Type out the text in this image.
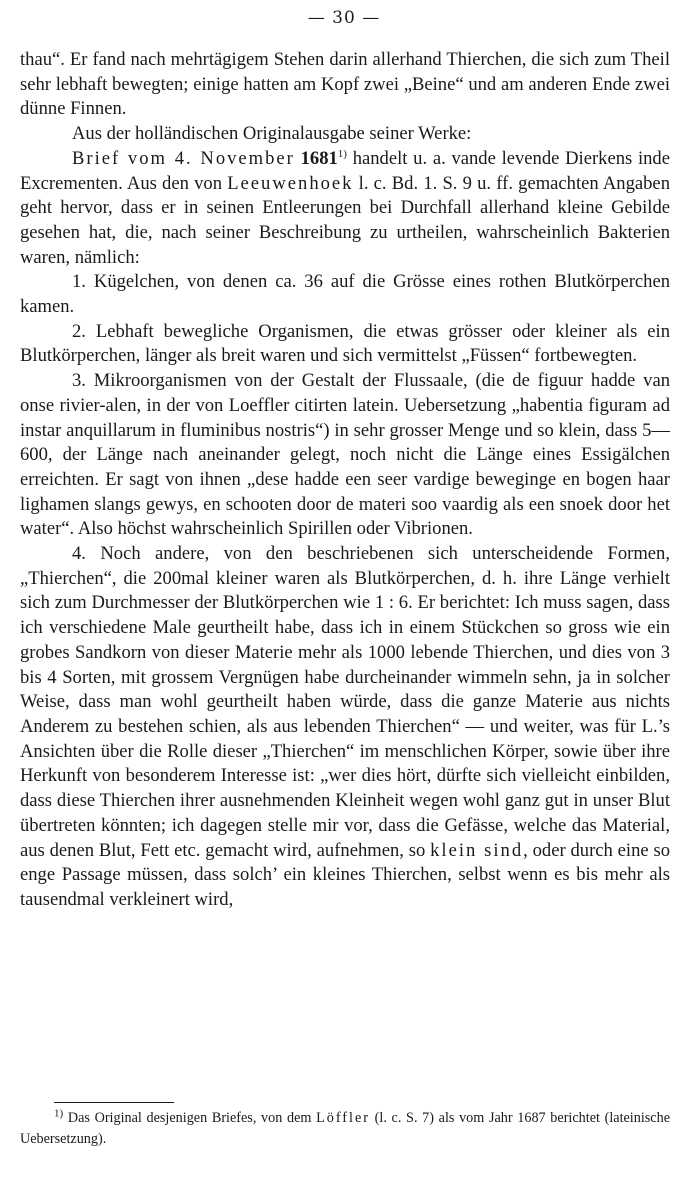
— 30 —

thau“. Er fand nach mehrtägigem Stehen darin allerhand Thierchen, die sich zum Theil sehr lebhaft bewegten; einige hatten am Kopf zwei „Beine“ und am anderen Ende zwei dünne Finnen.

Aus der holländischen Originalausgabe seiner Werke:

Brief vom 4. November 1681$^{1)}$ handelt u. a. vande levende Dierkens inde Excrementen. Aus den von Leeuwenhoek l. c. Bd. 1. S. 9 u. ff. gemachten Angaben geht hervor, dass er in seinen Entleerungen bei Durchfall allerhand kleine Gebilde gesehen hat, die, nach seiner Beschreibung zu urtheilen, wahrscheinlich Bakterien waren, nämlich:

1. Kügelchen, von denen ca. 36 auf die Grösse eines rothen Blutkörperchen kamen.

2. Lebhaft bewegliche Organismen, die etwas grösser oder kleiner als ein Blutkörperchen, länger als breit waren und sich vermittelst „Füssen“ fortbewegten.

3. Mikroorganismen von der Gestalt der Flussaale, (die de figuur hadde van onse rivier-alen, in der von Loeffler citirten latein. Uebersetzung „habentia figuram ad instar anquillarum in fluminibus nostris“) in sehr grosser Menge und so klein, dass 5—600, der Länge nach aneinander gelegt, noch nicht die Länge eines Essigälchen erreichten. Er sagt von ihnen „dese hadde een seer vardige beweginge en bogen haar lighamen slangs gewys, en schooten door de materi soo vaardig als een snoek door het water“. Also höchst wahrscheinlich Spirillen oder Vibrionen.

4. Noch andere, von den beschriebenen sich unterscheidende Formen, „Thierchen“, die 200mal kleiner waren als Blutkörperchen, d. h. ihre Länge verhielt sich zum Durchmesser der Blutkörperchen wie 1 : 6. Er berichtet: Ich muss sagen, dass ich verschiedene Male geurtheilt habe, dass ich in einem Stückchen so gross wie ein grobes Sandkorn von dieser Materie mehr als 1000 lebende Thierchen, und dies von 3 bis 4 Sorten, mit grossem Vergnügen habe durcheinander wimmeln sehn, ja in solcher Weise, dass man wohl geurtheilt haben würde, dass die ganze Materie aus nichts Anderem zu bestehen schien, als aus lebenden Thierchen“ — und weiter, was für L.’s Ansichten über die Rolle dieser „Thierchen“ im menschlichen Körper, sowie über ihre Herkunft von besonderem Interesse ist: „wer dies hört, dürfte sich vielleicht einbilden, dass diese Thierchen ihrer ausnehmenden Kleinheit wegen wohl ganz gut in unser Blut übertreten könnten; ich dagegen stelle mir vor, dass die Gefässe, welche das Material, aus denen Blut, Fett etc. gemacht wird, aufnehmen, so klein sind, oder durch eine so enge Passage müssen, dass solch’ ein kleines Thierchen, selbst wenn es bis mehr als tausendmal verkleinert wird,

$^{1)}$ Das Original desjenigen Briefes, von dem Löffler (l. c. S. 7) als vom Jahr 1687 berichtet (lateinische Uebersetzung).
